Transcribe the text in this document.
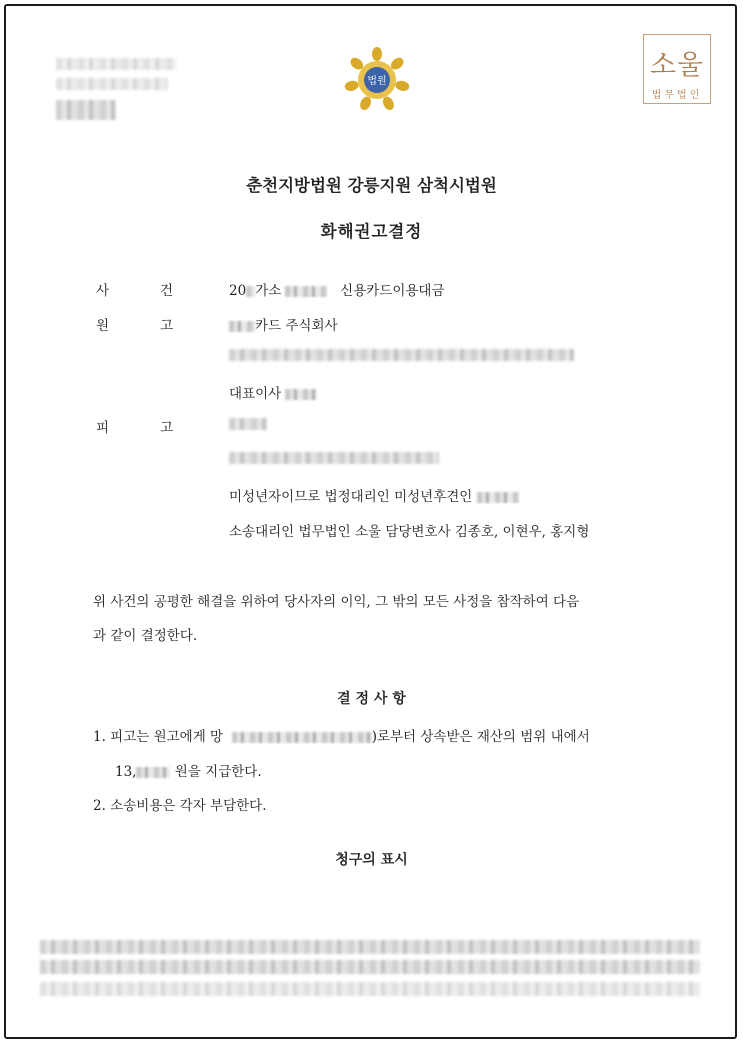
법원
소울
법무법인
춘천지방법원 강릉지원 삼척시법원
화해권고결정
사	건	20 가소	신용카드이용대금
원	고	카드 주식회사
대표이사
피	고
미성년자이므로 법정대리인 미성년후견인
소송대리인 법무법인 소울 담당변호사 김종호, 이현우, 홍지형
위 사건의 공평한 해결을 위하여 당사자의 이익, 그 밖의 모든 사정을 참작하여 다음
과 같이 결정한다.
결 정 사 항
1. 피고는 원고에게 망	)로부터 상속받은 재산의 범위 내에서
13,	원을 지급한다.
2. 소송비용은 각자 부담한다.
청구의 표시
